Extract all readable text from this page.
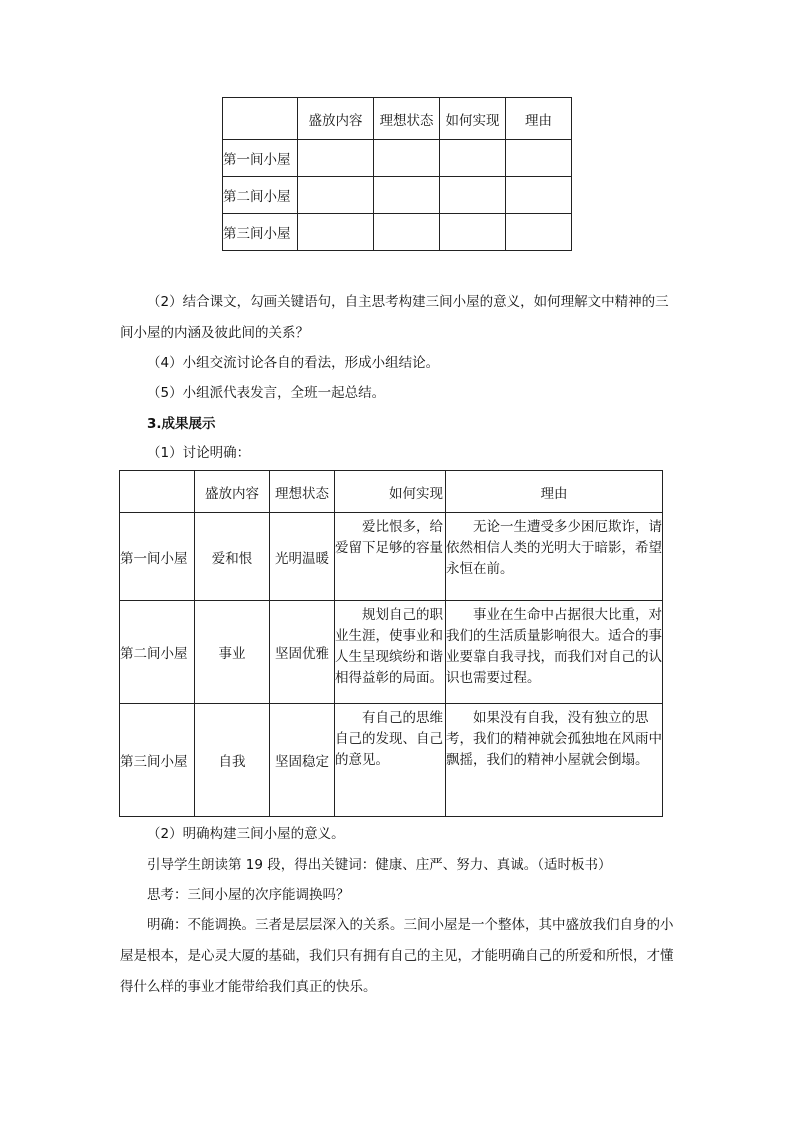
	盛放内容	理想状态	如何实现	理由
第一间小屋				
第二间小屋				
第三间小屋				
（2）结合课文，勾画关键语句，自主思考构建三间小屋的意义，如何理解文中精神的三间小屋的内涵及彼此间的关系？
（4）小组交流讨论各自的看法，形成小组结论。
（5）小组派代表发言，全班一起总结。
3.成果展示
（1）讨论明确：
	盛放内容	理想状态	如何实现	理由
第一间小屋	爱和恨	光明温暖	爱比恨多，给爱留下足够的容量	无论一生遭受多少困厄欺诈，请依然相信人类的光明大于暗影，希望永恒在前。
第二间小屋	事业	坚固优雅	规划自己的职业生涯，使事业和人生呈现缤纷和谐相得益彰的局面。	事业在生命中占据很大比重，对我们的生活质量影响很大。适合的事业要靠自我寻找，而我们对自己的认识也需要过程。
第三间小屋	自我	坚固稳定	有自己的思维自己的发现、自己的意见。	如果没有自我，没有独立的思考，我们的精神就会孤独地在风雨中飘摇，我们的精神小屋就会倒塌。
（2）明确构建三间小屋的意义。
引导学生朗读第 19 段，得出关键词：健康、庄严、努力、真诚。（适时板书）
思考：三间小屋的次序能调换吗？
明确：不能调换。三者是层层深入的关系。三间小屋是一个整体，其中盛放我们自身的小屋是根本，是心灵大厦的基础，我们只有拥有自己的主见，才能明确自己的所爱和所恨，才懂得什么样的事业才能带给我们真正的快乐。
